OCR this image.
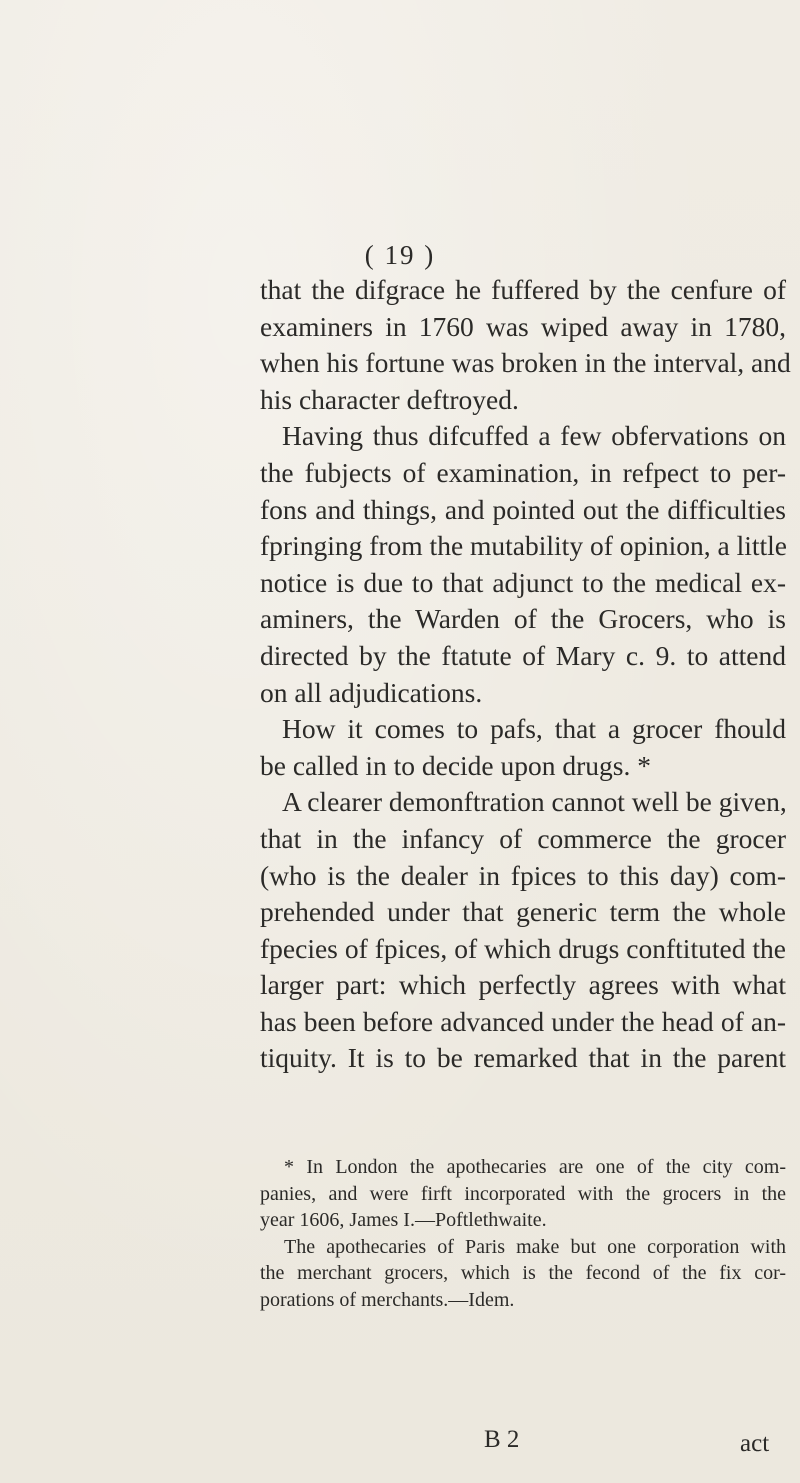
( 19 )
that the difgrace he fuffered by the cenfure of
examiners in 1760 was wiped away in 1780,
when his fortune was broken in the interval, and
his character deftroyed.
Having thus difcuffed a few obfervations on
the fubjects of examination, in refpect to per-
fons and things, and pointed out the difficulties
fpringing from the mutability of opinion, a little
notice is due to that adjunct to the medical ex-
aminers, the Warden of the Grocers, who is
directed by the ftatute of Mary c. 9. to attend
on all adjudications.
How it comes to pafs, that a grocer fhould
be called in to decide upon drugs. *
A clearer demonftration cannot well be given,
that in the infancy of commerce the grocer
(who is the dealer in fpices to this day) com-
prehended under that generic term the whole
fpecies of fpices, of which drugs conftituted the
larger part: which perfectly agrees with what
has been before advanced under the head of an-
tiquity. It is to be remarked that in the parent
* In London the apothecaries are one of the city com-
panies, and were firft incorporated with the grocers in the
year 1606, James I.—Poftlethwaite.
The apothecaries of Paris make but one corporation with
the merchant grocers, which is the fecond of the fix cor-
porations of merchants.—Idem.
B 2	act
